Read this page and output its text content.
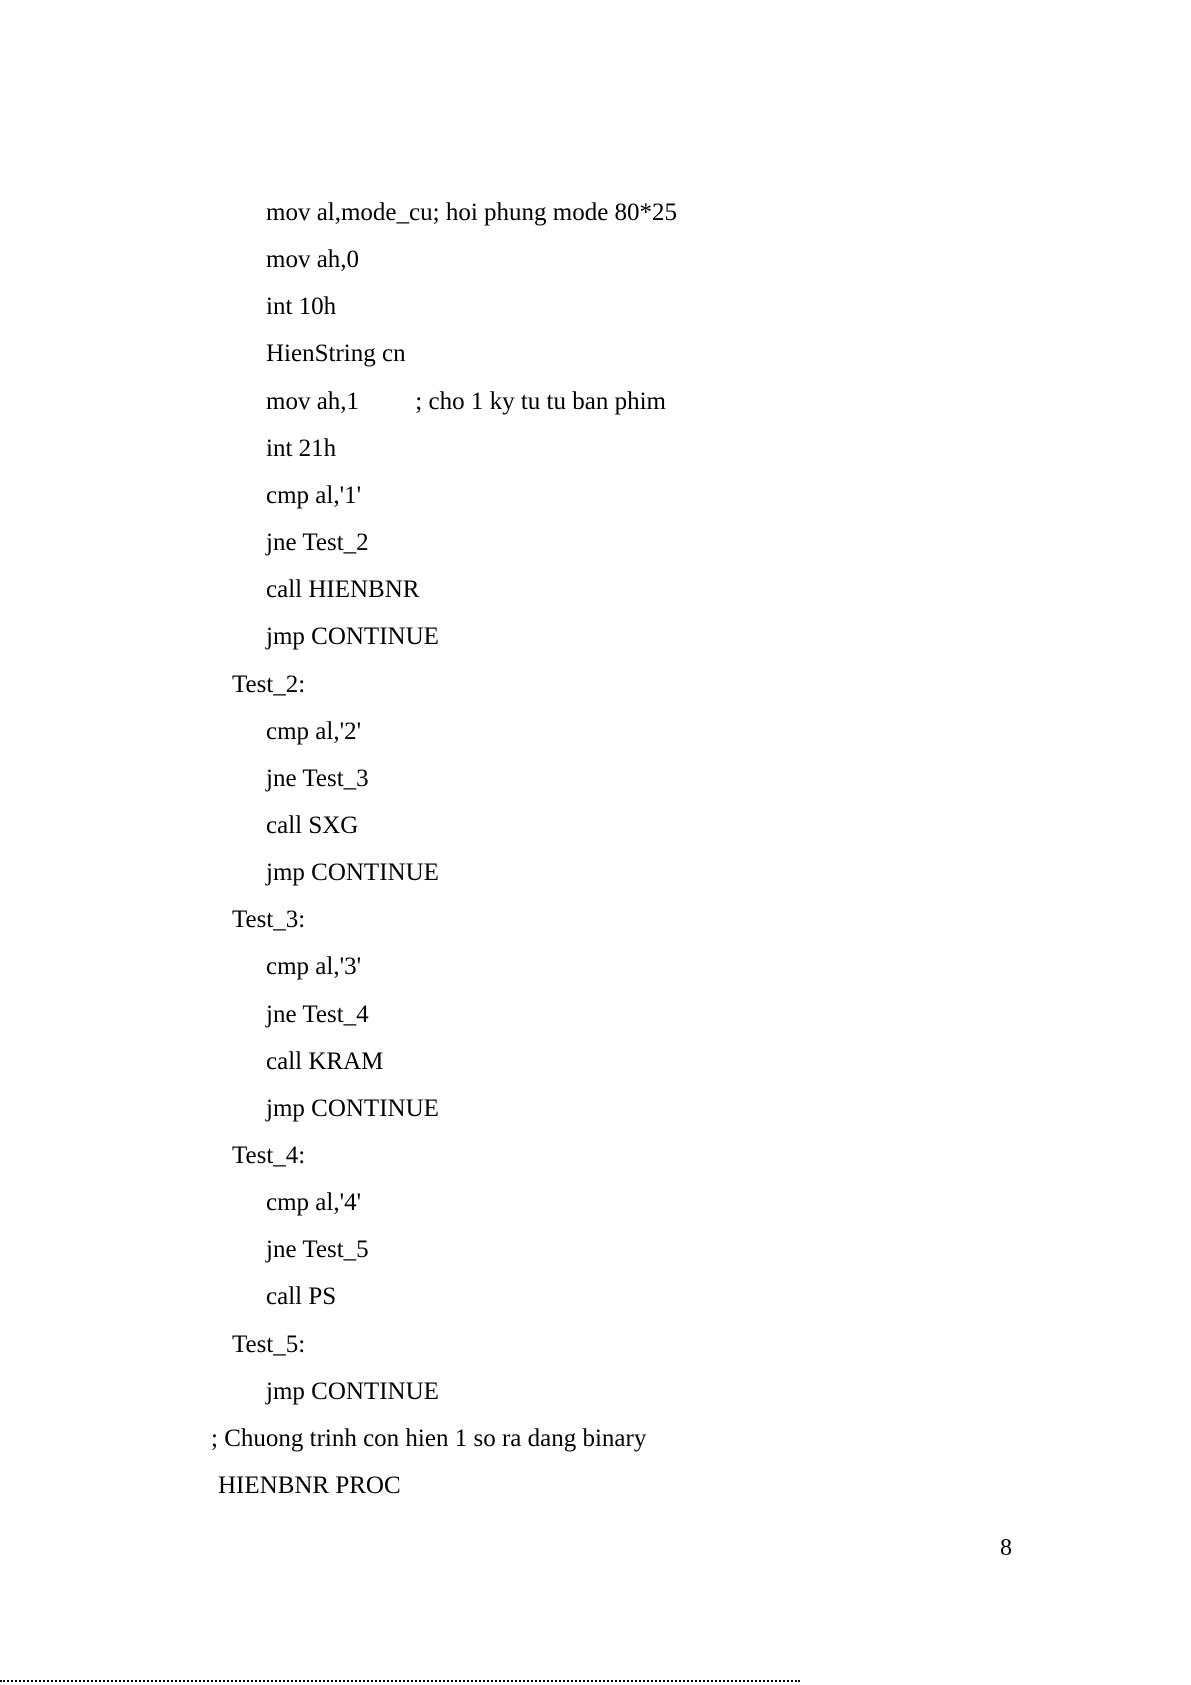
mov al,mode_cu; hoi phung mode 80*25
mov ah,0
int 10h
HienString cn
mov ah,1         ; cho 1 ky tu tu ban phim
int 21h
cmp al,'1'
jne Test_2
call HIENBNR
jmp CONTINUE
Test_2:
cmp al,'2'
jne Test_3
call SXG
jmp CONTINUE
Test_3:
cmp al,'3'
jne Test_4
call KRAM
jmp CONTINUE
Test_4:
cmp al,'4'
jne Test_5
call PS
Test_5:
jmp CONTINUE
; Chuong trinh con hien 1 so ra dang binary
HIENBNR PROC
8
